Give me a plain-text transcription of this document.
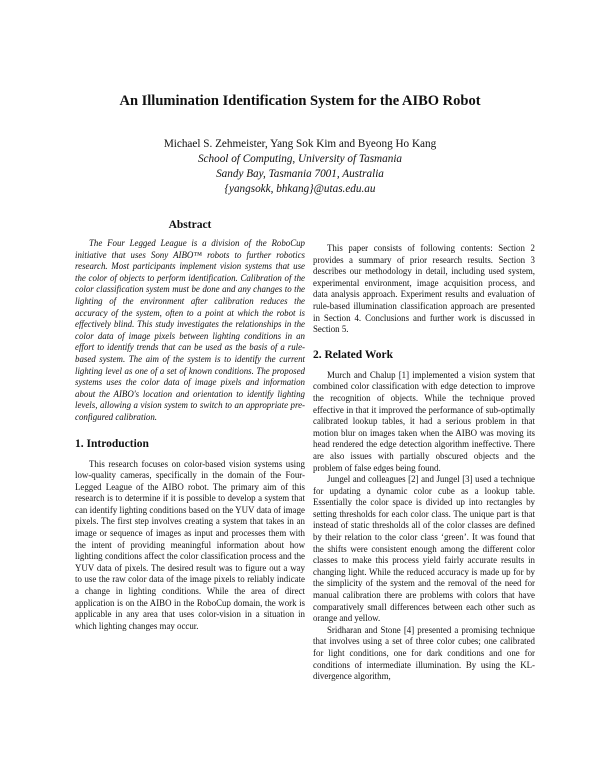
An Illumination Identification System for the AIBO Robot
Michael S. Zehmeister, Yang Sok Kim and Byeong Ho Kang
School of Computing, University of Tasmania
Sandy Bay, Tasmania 7001, Australia
{yangsokk, bhkang}@utas.edu.au
Abstract

The Four Legged League is a division of the RoboCup initiative that uses Sony AIBO™ robots to further robotics research. Most participants implement vision systems that use the color of objects to perform identification. Calibration of the color classification system must be done and any changes to the lighting of the environment after calibration reduces the accuracy of the system, often to a point at which the robot is effectively blind. This study investigates the relationships in the color data of image pixels between lighting conditions in an effort to identify trends that can be used as the basis of a rule-based system. The aim of the system is to identify the current lighting level as one of a set of known conditions. The proposed systems uses the color data of image pixels and information about the AIBO's location and orientation to identify lighting levels, allowing a vision system to switch to an appropriate pre-configured calibration.

1. Introduction

This research focuses on color-based vision systems using low-quality cameras, specifically in the domain of the Four-Legged League of the AIBO robot. The primary aim of this research is to determine if it is possible to develop a system that can identify lighting conditions based on the YUV data of image pixels. The first step involves creating a system that takes in an image or sequence of images as input and processes them with the intent of providing meaningful information about how lighting conditions affect the color classification process and the YUV data of pixels. The desired result was to figure out a way to use the raw color data of the image pixels to reliably indicate a change in lighting conditions. While the area of direct application is on the AIBO in the RoboCup domain, the work is applicable in any area that uses color-vision in a situation in which lighting changes may occur.

This paper consists of following contents: Section 2 provides a summary of prior research results. Section 3 describes our methodology in detail, including used system, experimental environment, image acquisition process, and data analysis approach. Experiment results and evaluation of rule-based illumination classification approach are presented in Section 4. Conclusions and further work is discussed in Section 5.

2. Related Work

Murch and Chalup [1] implemented a vision system that combined color classification with edge detection to improve the recognition of objects. While the technique proved effective in that it improved the performance of sub-optimally calibrated lookup tables, it had a serious problem in that motion blur on images taken when the AIBO was moving its head rendered the edge detection algorithm ineffective. There are also issues with partially obscured objects and the problem of false edges being found.

Jungel and colleagues [2] and Jungel [3] used a technique for updating a dynamic color cube as a lookup table. Essentially the color space is divided up into rectangles by setting thresholds for each color class. The unique part is that instead of static thresholds all of the color classes are defined by their relation to the color class ‘green’. It was found that the shifts were consistent enough among the different color classes to make this process yield fairly accurate results in changing light. While the reduced accuracy is made up for by the simplicity of the system and the removal of the need for manual calibration there are problems with colors that have comparatively small differences between each other such as orange and yellow.

Sridharan and Stone [4] presented a promising technique that involves using a set of three color cubes; one calibrated for light conditions, one for dark conditions and one for conditions of intermediate illumination. By using the KL-divergence algorithm,
